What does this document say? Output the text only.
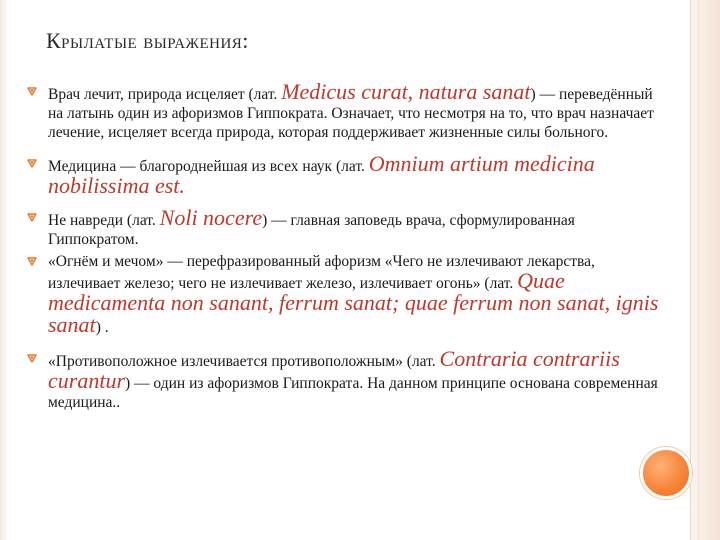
Крылатые выражения:
Врач лечит, природа исцеляет (лат. Medicus curat, natura sanat) — переведённый на латынь один из афоризмов Гиппократа. Означает, что несмотря на то, что врач назначает лечение, исцеляет всегда природа, которая поддерживает жизненные силы больного.
Медицина — благороднейшая из всех наук (лат. Omnium artium medicina nobilissima est.
Не навреди (лат. Noli nocere) — главная заповедь врача, сформулированная Гиппократом.
«Огнём и мечом» — перефразированный афоризм «Чего не излечивают лекарства, излечивает железо; чего не излечивает железо, излечивает огонь» (лат. Quae medicamenta non sanant, ferrum sanat; quae ferrum non sanat, ignis sanat) .
«Противоположное излечивается противоположным» (лат. Contraria contrariis curantur) — один из афоризмов Гиппократа. На данном принципе основана современная медицина..
